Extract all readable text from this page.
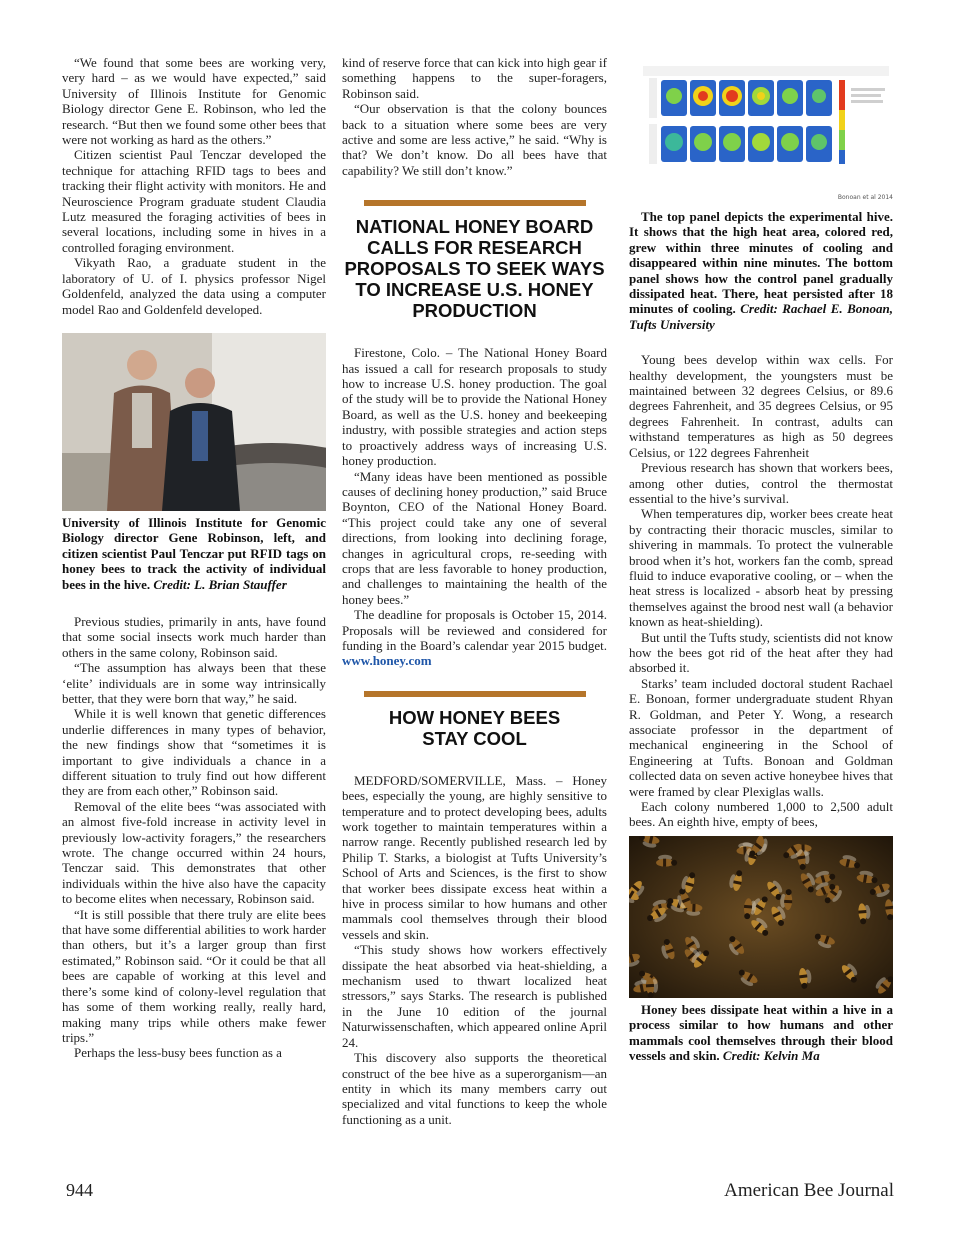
“We found that some bees are working very, very hard – as we would have expected,” said University of Illinois Institute for Genomic Biology director Gene E. Robinson, who led the research. “But then we found some other bees that were not working as hard as the others.”

Citizen scientist Paul Tenczar developed the technique for attaching RFID tags to bees and tracking their flight activity with monitors. He and Neuroscience Program graduate student Claudia Lutz measured the foraging activities of bees in several locations, including some in hives in a controlled foraging environment.

Vikyath Rao, a graduate student in the laboratory of U. of I. physics professor Nigel Goldenfeld, analyzed the data using a computer model Rao and Goldenfeld developed.

University of Illinois Institute for Genomic Biology director Gene Robinson, left, and citizen scientist Paul Tenczar put RFID tags on honey bees to track the activity of individual bees in the hive. Credit: L. Brian Stauffer

Previous studies, primarily in ants, have found that some social insects work much harder than others in the same colony, Robinson said.

“The assumption has always been that these ‘elite’ individuals are in some way intrinsically better, that they were born that way,” he said.

While it is well known that genetic differences underlie differences in many types of behavior, the new findings show that “sometimes it is important to give individuals a chance in a different situation to truly find out how different they are from each other,” Robinson said.

Removal of the elite bees “was associated with an almost five-fold increase in activity level in previously low-activity foragers,” the researchers wrote. The change occurred within 24 hours, Tenczar said. This demonstrates that other individuals within the hive also have the capacity to become elites when necessary, Robinson said.

“It is still possible that there truly are elite bees that have some differential abilities to work harder than others, but it’s a larger group than first estimated,” Robinson said. “Or it could be that all bees are capable of working at this level and there’s some kind of colony-level regulation that has some of them working really, really hard, making many trips while others make fewer trips.”

Perhaps the less-busy bees function as a

kind of reserve force that can kick into high gear if something happens to the super-foragers, Robinson said.

“Our observation is that the colony bounces back to a situation where some bees are very active and some are less active,” he said. “Why is that? We don’t know. Do all bees have that capability? We still don’t know.”

NATIONAL HONEY BOARD CALLS FOR RESEARCH PROPOSALS TO SEEK WAYS TO INCREASE U.S. HONEY PRODUCTION

Firestone, Colo. – The National Honey Board has issued a call for research proposals to study how to increase U.S. honey production. The goal of the study will be to provide the National Honey Board, as well as the U.S. honey and beekeeping industry, with possible strategies and action steps to proactively address ways of increasing U.S. honey production.

“Many ideas have been mentioned as possible causes of declining honey production,” said Bruce Boynton, CEO of the National Honey Board. “This project could take any one of several directions, from looking into declining forage, changes in agricultural crops, re-seeding with crops that are less favorable to honey production, and challenges to maintaining the health of the honey bees.”

The deadline for proposals is October 15, 2014. Proposals will be reviewed and considered for funding in the Board’s calendar year 2015 budget. www.honey.com

HOW HONEY BEES STAY COOL

MEDFORD/SOMERVILLE, Mass. – Honey bees, especially the young, are highly sensitive to temperature and to protect developing bees, adults work together to maintain temperatures within a narrow range. Recently published research led by Philip T. Starks, a biologist at Tufts University’s School of Arts and Sciences, is the first to show that worker bees dissipate excess heat within a hive in process similar to how humans and other mammals cool themselves through their blood vessels and skin.

“This study shows how workers effectively dissipate the heat absorbed via heat-shielding, a mechanism used to thwart localized heat stressors,” says Starks. The research is published in the June 10 edition of the journal Naturwissenschaften, which appeared online April 24.

This discovery also supports the theoretical construct of the bee hive as a superorganism—an entity in which its many members carry out specialized and vital functions to keep the whole functioning as a unit.

Bonoan et al 2014

The top panel depicts the experimental hive. It shows that the high heat area, colored red, grew within three minutes of cooling and disappeared within nine minutes. The bottom panel shows how the control panel gradually dissipated heat. There, heat persisted after 18 minutes of cooling. Credit: Rachael E. Bonoan, Tufts University

Young bees develop within wax cells. For healthy development, the youngsters must be maintained between 32 degrees Celsius, or 89.6 degrees Fahrenheit, and 35 degrees Celsius, or 95 degrees Fahrenheit. In contrast, adults can withstand temperatures as high as 50 degrees Celsius, or 122 degrees Fahrenheit

Previous research has shown that workers bees, among other duties, control the thermostat essential to the hive’s survival.

When temperatures dip, worker bees create heat by contracting their thoracic muscles, similar to shivering in mammals. To protect the vulnerable brood when it’s hot, workers fan the comb, spread fluid to induce evaporative cooling, or – when the heat stress is localized - absorb heat by pressing themselves against the brood nest wall (a behavior known as heat-shielding).

But until the Tufts study, scientists did not know how the bees got rid of the heat after they had absorbed it.

Starks’ team included doctoral student Rachael E. Bonoan, former undergraduate student Rhyan R. Goldman, and Peter Y. Wong, a research associate professor in the department of mechanical engineering in the School of Engineering at Tufts. Bonoan and Goldman collected data on seven active honeybee hives that were framed by clear Plexiglas walls.

Each colony numbered 1,000 to 2,500 adult bees. An eighth hive, empty of bees,

Honey bees dissipate heat within a hive in a process similar to how humans and other mammals cool themselves through their blood vessels and skin. Credit: Kelvin Ma

944	American Bee Journal
